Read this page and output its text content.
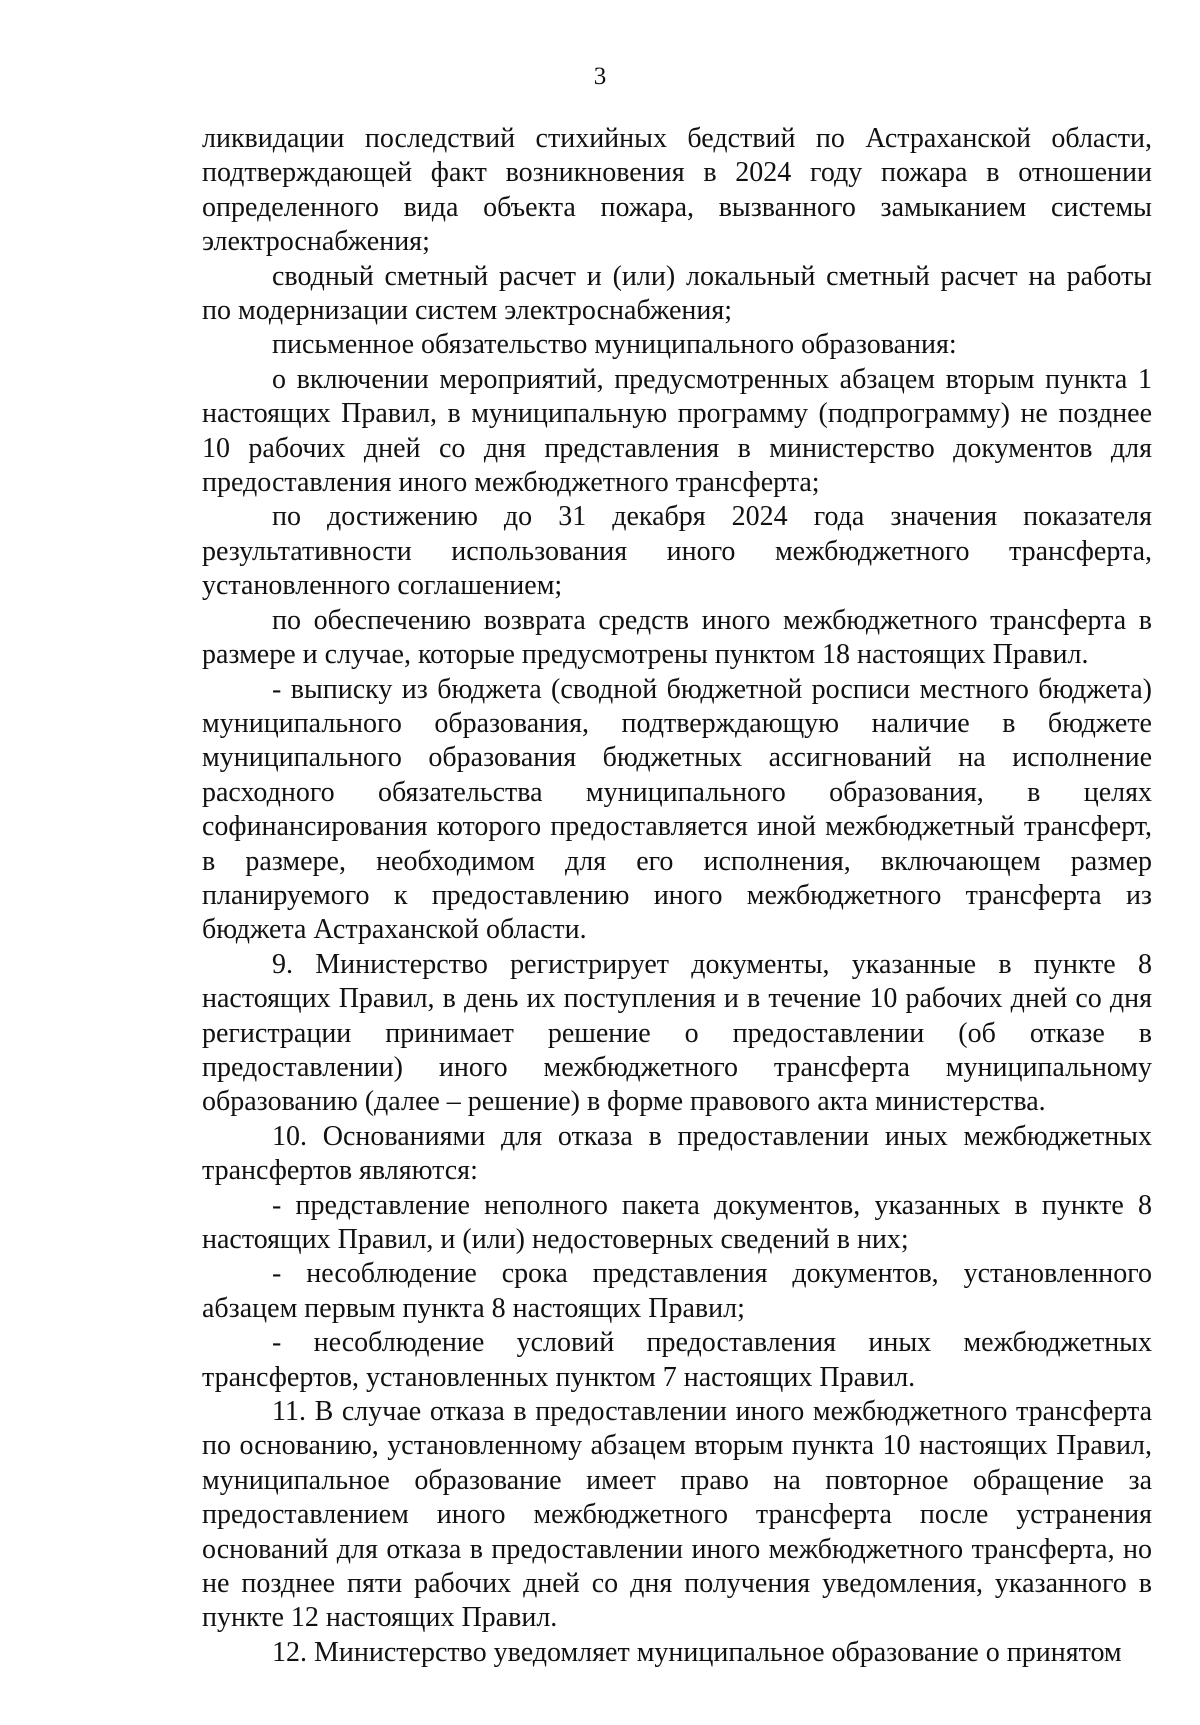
3

ликвидации последствий стихийных бедствий по Астраханской области, подтверждающей факт возникновения в 2024 году пожара в отношении определенного вида объекта пожара, вызванного замыканием системы электроснабжения;

сводный сметный расчет и (или) локальный сметный расчет на работы по модернизации систем электроснабжения;

письменное обязательство муниципального образования:

о включении мероприятий, предусмотренных абзацем вторым пункта 1 настоящих Правил, в муниципальную программу (подпрограмму) не позднее 10 рабочих дней со дня представления в министерство документов для предоставления иного межбюджетного трансферта;

по достижению до 31 декабря 2024 года значения показателя результативности использования иного межбюджетного трансферта, установленного соглашением;

по обеспечению возврата средств иного межбюджетного трансферта в размере и случае, которые предусмотрены пунктом 18 настоящих Правил.

- выписку из бюджета (сводной бюджетной росписи местного бюджета) муниципального образования, подтверждающую наличие в бюджете муниципального образования бюджетных ассигнований на исполнение расходного обязательства муниципального образования, в целях софинансирования которого предоставляется иной межбюджетный трансферт, в размере, необходимом для его исполнения, включающем размер планируемого к предоставлению иного межбюджетного трансферта из бюджета Астраханской области.

9. Министерство регистрирует документы, указанные в пункте 8 настоящих Правил, в день их поступления и в течение 10 рабочих дней со дня регистрации принимает решение о предоставлении (об отказе в предоставлении) иного межбюджетного трансферта муниципальному образованию (далее – решение) в форме правового акта министерства.

10. Основаниями для отказа в предоставлении иных межбюджетных трансфертов являются:

- представление неполного пакета документов, указанных в пункте 8 настоящих Правил, и (или) недостоверных сведений в них;

- несоблюдение срока представления документов, установленного абзацем первым пункта 8 настоящих Правил;

- несоблюдение условий предоставления иных межбюджетных трансфертов, установленных пунктом 7 настоящих Правил.

11. В случае отказа в предоставлении иного межбюджетного трансферта по основанию, установленному абзацем вторым пункта 10 настоящих Правил, муниципальное образование имеет право на повторное обращение за предоставлением иного межбюджетного трансферта после устранения оснований для отказа в предоставлении иного межбюджетного трансферта, но не позднее пяти рабочих дней со дня получения уведомления, указанного в пункте 12 настоящих Правил.

12. Министерство уведомляет муниципальное образование о принятом
